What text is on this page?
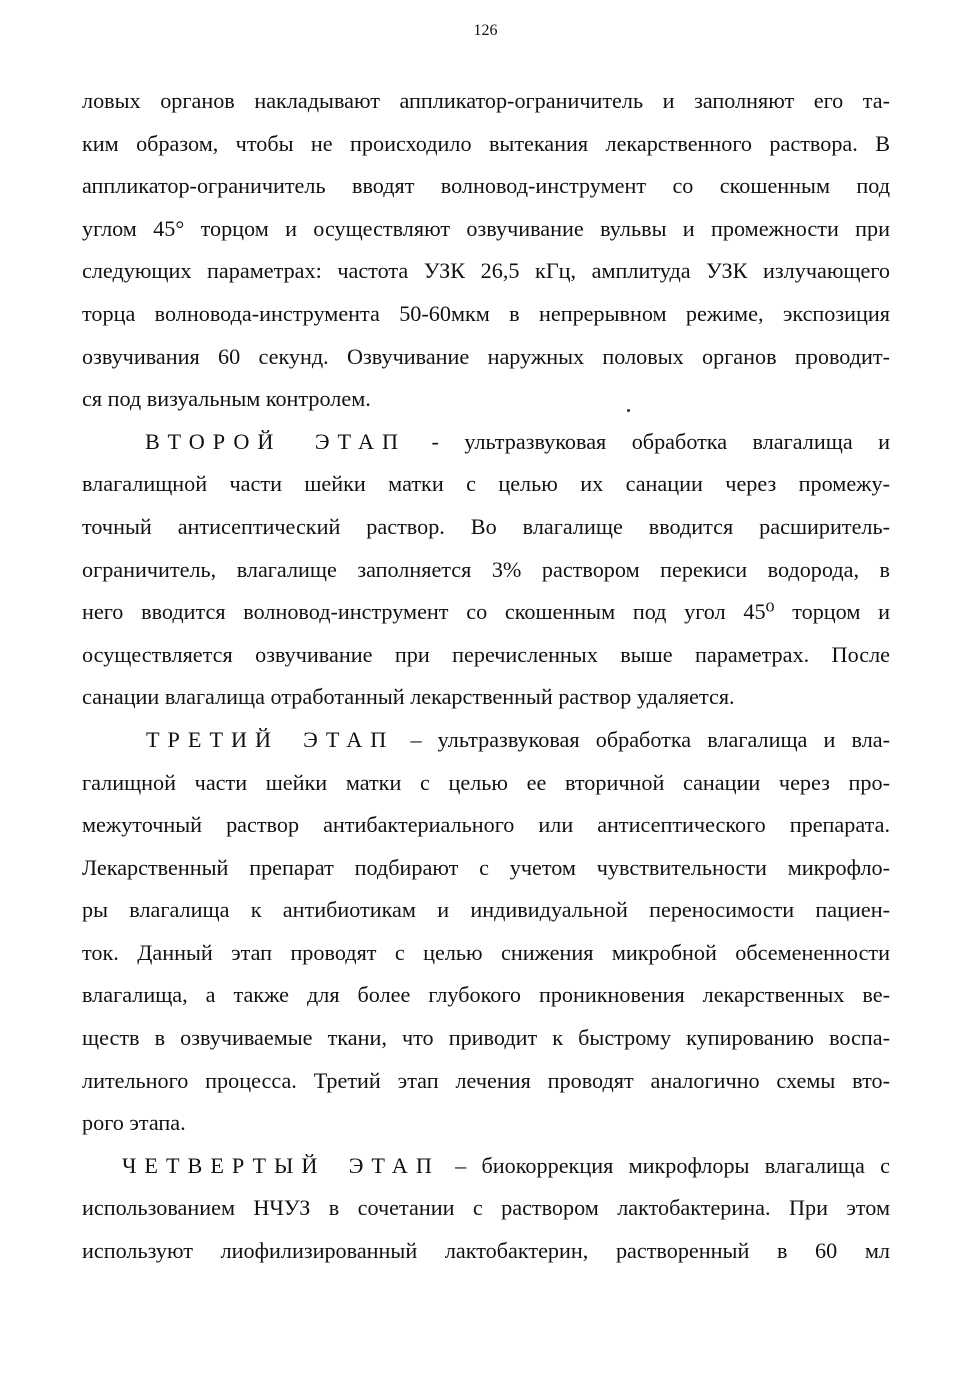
126
ловых органов накладывают аппликатор-ограничитель и заполняют его та-
ким образом, чтобы не происходило вытекания лекарственного раствора. В
аппликатор-ограничитель вводят волновод-инструмент со скошенным под
углом 45° торцом и осуществляют озвучивание вульвы и промежности при
следующих параметрах: частота УЗК 26,5 кГц, амплитуда УЗК излучающего
торца волновода-инструмента 50-60мкм в непрерывном режиме, экспозиция
озвучивания 60 секунд. Озвучивание наружных половых органов проводит-
ся под визуальным контролем.
ВТОРОЙ ЭТАП - ультразвуковая обработка влагалища и
влагалищной части шейки матки с целью их санации через промежу-
точный антисептический раствор. Во влагалище вводится расширитель-
ограничитель, влагалище заполняется 3% раствором перекиси водорода, в
него вводится волновод-инструмент со скошенным под угол 45⁰ торцом и
осуществляется озвучивание при перечисленных выше параметрах. После
санации влагалища отработанный лекарственный раствор удаляется.
ТРЕТИЙ ЭТАП – ультразвуковая обработка влагалища и вла-
галищной части шейки матки с целью ее вторичной санации через про-
межуточный раствор антибактериального или антисептического препарата.
Лекарственный препарат подбирают с учетом чувствительности микрофло-
ры влагалища к антибиотикам и индивидуальной переносимости пациен-
ток. Данный этап проводят с целью снижения микробной обсемененности
влагалища, а также для более глубокого проникновения лекарственных ве-
ществ в озвучиваемые ткани, что приводит к быстрому купированию воспа-
лительного процесса. Третий этап лечения проводят аналогично схемы вто-
рого этапа.
ЧЕТВЕРТЫЙ ЭТАП – биокоррекция микрофлоры влагалища с
использованием НЧУЗ в сочетании с раствором лактобактерина. При этом
используют лиофилизированный лактобактерин, растворенный в 60 мл
